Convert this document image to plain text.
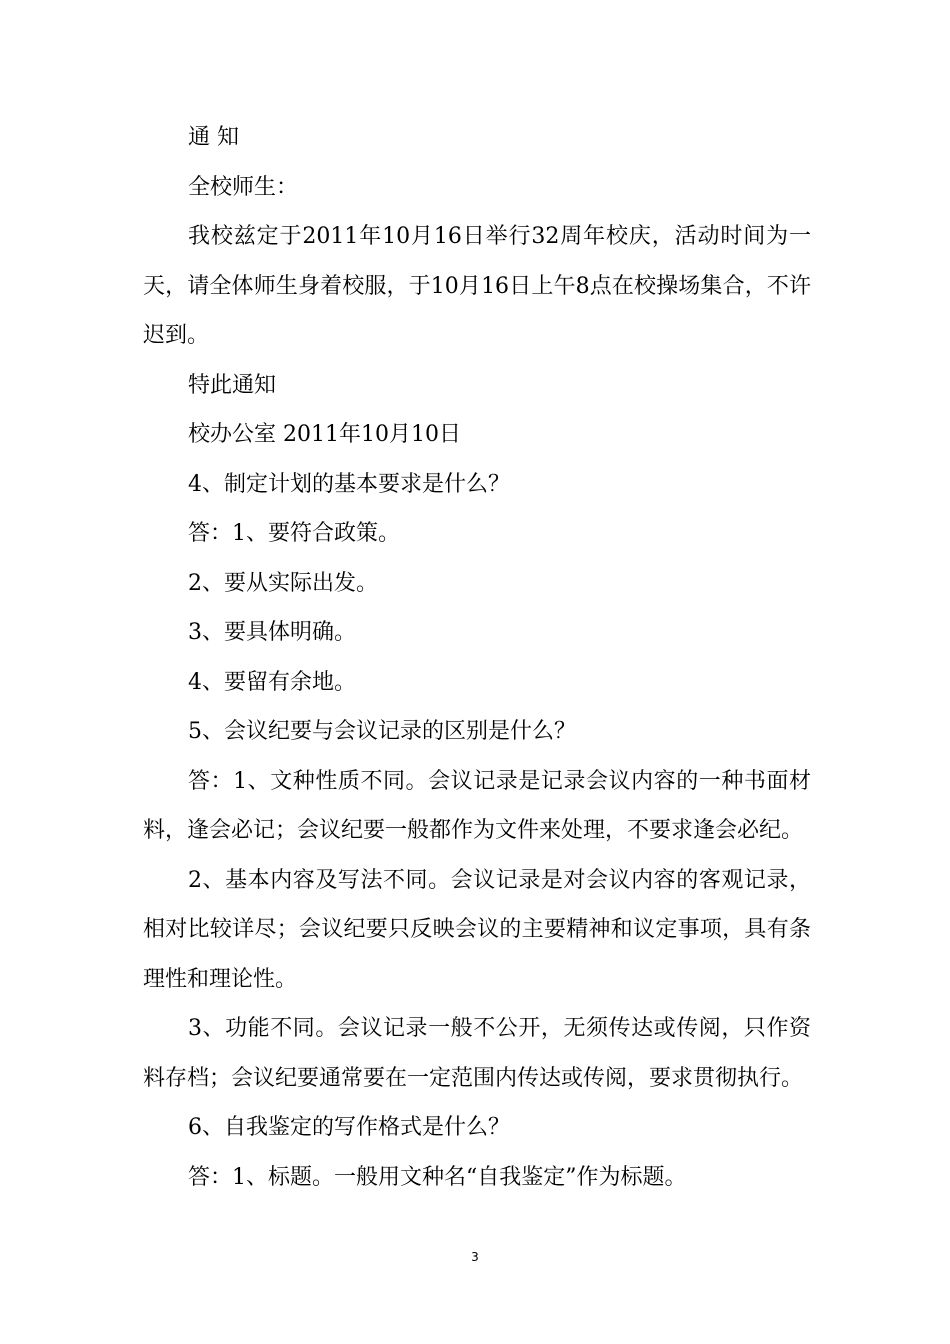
通 知

全校师生：

我校兹定于2011年10月16日举行32周年校庆，活动时间为一天，请全体师生身着校服，于10月16日上午8点在校操场集合，不许迟到。

特此通知

校办公室 2011年10月10日

4、制定计划的基本要求是什么？

答：1、要符合政策。

2、要从实际出发。

3、要具体明确。

4、要留有余地。

5、会议纪要与会议记录的区别是什么？

答：1、文种性质不同。会议记录是记录会议内容的一种书面材料，逢会必记；会议纪要一般都作为文件来处理，不要求逢会必纪。

2、基本内容及写法不同。会议记录是对会议内容的客观记录，相对比较详尽；会议纪要只反映会议的主要精神和议定事项，具有条理性和理论性。

3、功能不同。会议记录一般不公开，无须传达或传阅，只作资料存档；会议纪要通常要在一定范围内传达或传阅，要求贯彻执行。

6、自我鉴定的写作格式是什么？

答：1、标题。一般用文种名“自我鉴定”作为标题。

3
